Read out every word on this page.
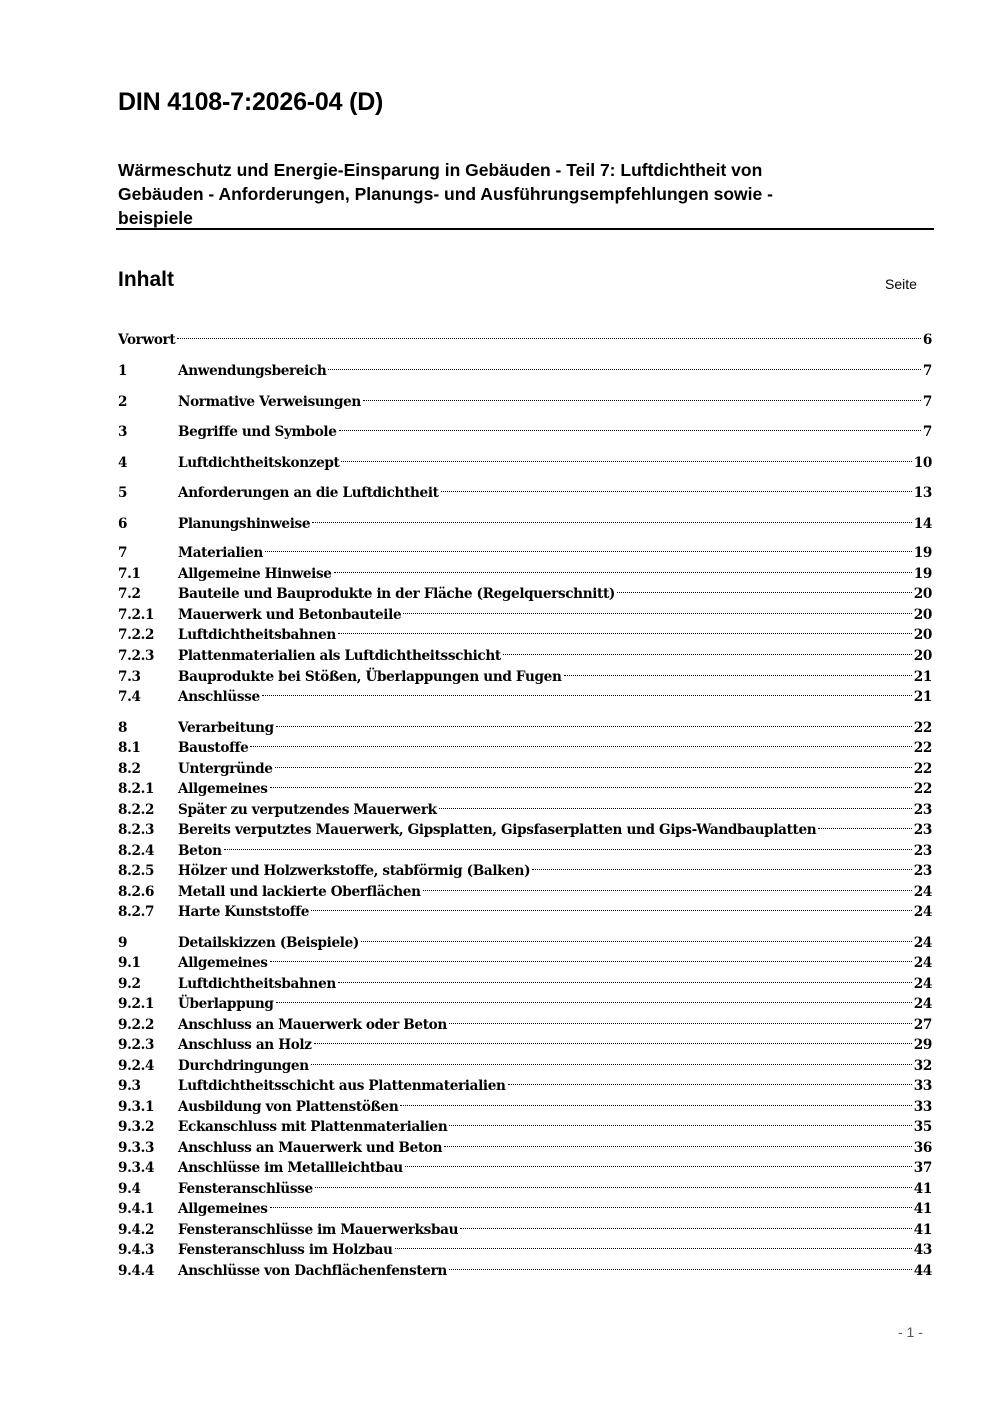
DIN 4108-7:2026-04 (D)
Wärmeschutz und Energie-Einsparung in Gebäuden - Teil 7: Luftdichtheit von
Gebäuden - Anforderungen, Planungs- und Ausführungsempfehlungen sowie -
beispiele
Inhalt	Seite
Vorwort	6
1	Anwendungsbereich	7
2	Normative Verweisungen	7
3	Begriffe und Symbole	7
4	Luftdichtheitskonzept	10
5	Anforderungen an die Luftdichtheit	13
6	Planungshinweise	14
7	Materialien	19
7.1	Allgemeine Hinweise	19
7.2	Bauteile und Bauprodukte in der Fläche (Regelquerschnitt)	20
7.2.1	Mauerwerk und Betonbauteile	20
7.2.2	Luftdichtheitsbahnen	20
7.2.3	Plattenmaterialien als Luftdichtheitsschicht	20
7.3	Bauprodukte bei Stößen, Überlappungen und Fugen	21
7.4	Anschlüsse	21
8	Verarbeitung	22
8.1	Baustoffe	22
8.2	Untergründe	22
8.2.1	Allgemeines	22
8.2.2	Später zu verputzendes Mauerwerk	23
8.2.3	Bereits verputztes Mauerwerk, Gipsplatten, Gipsfaserplatten und Gips-Wandbauplatten	23
8.2.4	Beton	23
8.2.5	Hölzer und Holzwerkstoffe, stabförmig (Balken)	23
8.2.6	Metall und lackierte Oberflächen	24
8.2.7	Harte Kunststoffe	24
9	Detailskizzen (Beispiele)	24
9.1	Allgemeines	24
9.2	Luftdichtheitsbahnen	24
9.2.1	Überlappung	24
9.2.2	Anschluss an Mauerwerk oder Beton	27
9.2.3	Anschluss an Holz	29
9.2.4	Durchdringungen	32
9.3	Luftdichtheitsschicht aus Plattenmaterialien	33
9.3.1	Ausbildung von Plattenstößen	33
9.3.2	Eckanschluss mit Plattenmaterialien	35
9.3.3	Anschluss an Mauerwerk und Beton	36
9.3.4	Anschlüsse im Metallleichtbau	37
9.4	Fensteranschlüsse	41
9.4.1	Allgemeines	41
9.4.2	Fensteranschlüsse im Mauerwerksbau	41
9.4.3	Fensteranschluss im Holzbau	43
9.4.4	Anschlüsse von Dachflächenfenstern	44
- 1 -
